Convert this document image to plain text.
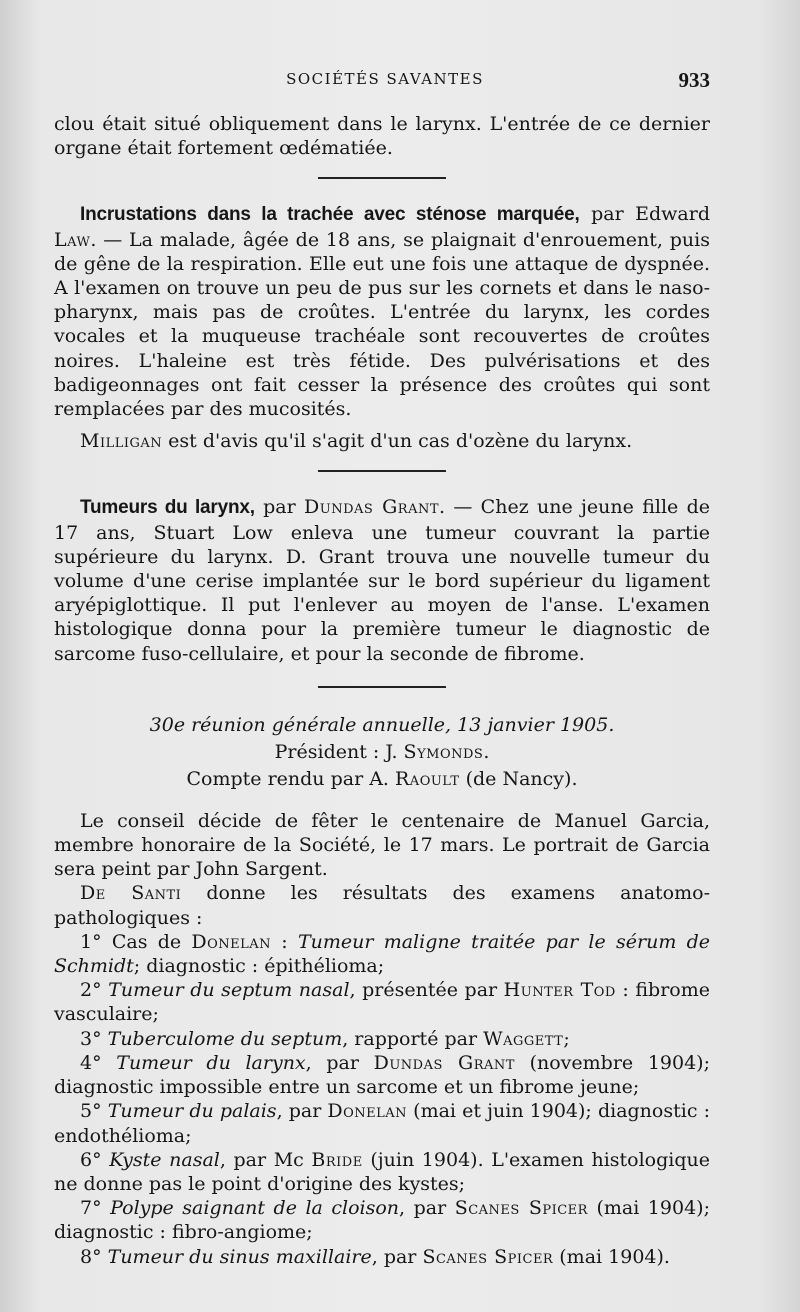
SOCIÉTÉS SAVANTES	933

clou était situé obliquement dans le larynx. L'entrée de ce dernier organe était fortement œdématiée.

Incrustations dans la trachée avec sténose marquée, par Edward Law. — La malade, âgée de 18 ans, se plaignait d'enrouement, puis de gêne de la respiration. Elle eut une fois une attaque de dyspnée. A l'examen on trouve un peu de pus sur les cornets et dans le naso-pharynx, mais pas de croûtes. L'entrée du larynx, les cordes vocales et la muqueuse trachéale sont recouvertes de croûtes noires. L'haleine est très fétide. Des pulvérisations et des badigeonnages ont fait cesser la présence des croûtes qui sont remplacées par des mucosités.

Milligan est d'avis qu'il s'agit d'un cas d'ozène du larynx.

Tumeurs du larynx, par Dundas Grant. — Chez une jeune fille de 17 ans, Stuart Low enleva une tumeur couvrant la partie supérieure du larynx. D. Grant trouva une nouvelle tumeur du volume d'une cerise implantée sur le bord supérieur du ligament aryépiglottique. Il put l'enlever au moyen de l'anse. L'examen histologique donna pour la première tumeur le diagnostic de sarcome fuso-cellulaire, et pour la seconde de fibrome.

30e réunion générale annuelle, 13 janvier 1905.

Président : J. Symonds.

Compte rendu par A. Raoult (de Nancy).

Le conseil décide de fêter le centenaire de Manuel Garcia, membre honoraire de la Société, le 17 mars. Le portrait de Garcia sera peint par John Sargent.

De Santi donne les résultats des examens anatomo-pathologiques :

1° Cas de Donelan : Tumeur maligne traitée par le sérum de Schmidt; diagnostic : épithélioma;

2° Tumeur du septum nasal, présentée par Hunter Tod : fibrome vasculaire;

3° Tuberculome du septum, rapporté par Waggett;

4° Tumeur du larynx, par Dundas Grant (novembre 1904); diagnostic impossible entre un sarcome et un fibrome jeune;

5° Tumeur du palais, par Donelan (mai et juin 1904); diagnostic : endothélioma;

6° Kyste nasal, par Mc Bride (juin 1904). L'examen histologique ne donne pas le point d'origine des kystes;

7° Polype saignant de la cloison, par Scanes Spicer (mai 1904); diagnostic : fibro-angiome;

8° Tumeur du sinus maxillaire, par Scanes Spicer (mai 1904).
